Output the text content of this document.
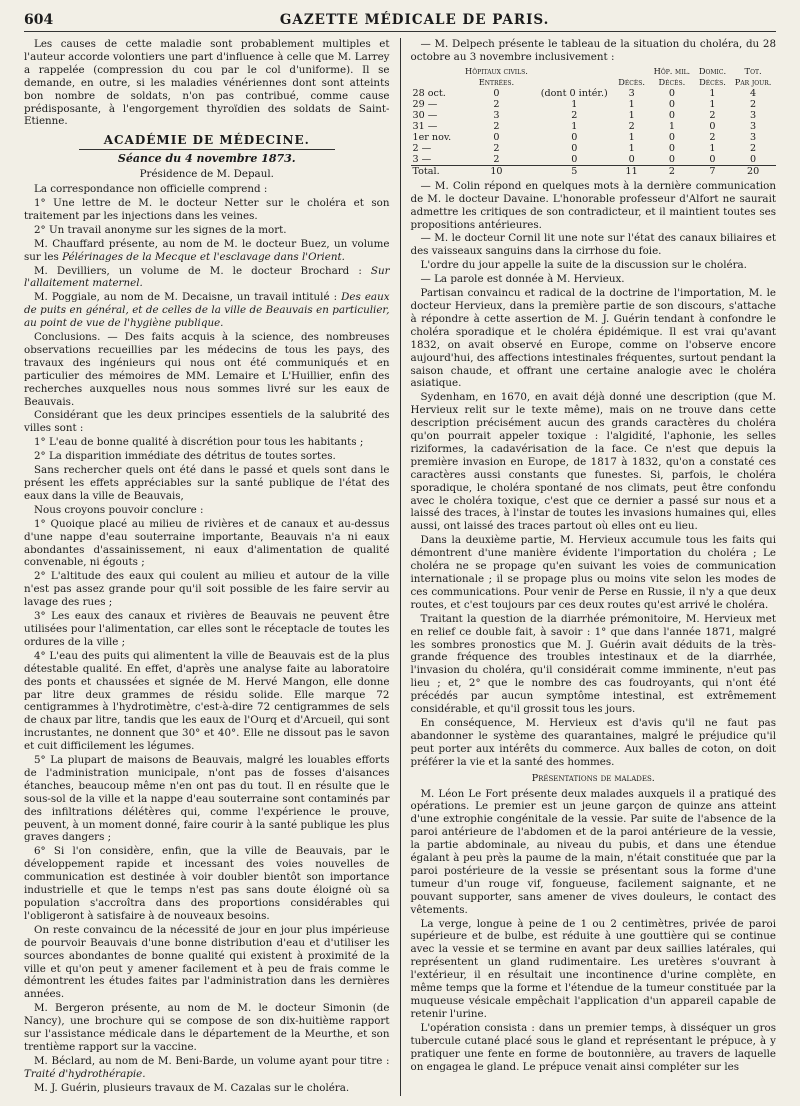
604	GAZETTE MÉDICALE DE PARIS.

Les causes de cette maladie sont probablement multiples et l'auteur accorde volontiers une part d'influence à celle que M. Larrey a rappelée (compression du cou par le col d'uniforme). Il se demande, en outre, si les maladies vénériennes dont sont atteints bon nombre de soldats, n'on pas contribué, comme cause prédisposante, à l'engorgement thyroïdien des soldats de Saint-Etienne.

ACADÉMIE DE MÉDECINE.
Séance du 4 novembre 1873.
Présidence de M. Depaul.

La correspondance non officielle comprend :

1° Une lettre de M. le docteur Netter sur le choléra et son traitement par les injections dans les veines.

2° Un travail anonyme sur les signes de la mort.

M. Chauffard présente, au nom de M. le docteur Buez, un volume sur les Pélérinages de la Mecque et l'esclavage dans l'Orient.

M. Devilliers, un volume de M. le docteur Brochard : Sur l'allaitement maternel.

M. Poggiale, au nom de M. Decaisne, un travail intitulé : Des eaux de puits en général, et de celles de la ville de Beauvais en particulier, au point de vue de l'hygiène publique.

Conclusions. — Des faits acquis à la science, des nombreuses observations recueillies par les médecins de tous les pays, des travaux des ingénieurs qui nous ont été communiqués et en particulier des mémoires de MM. Lemaire et L'Huillier, enfin des recherches auxquelles nous nous sommes livré sur les eaux de Beauvais.

Considérant que les deux principes essentiels de la salubrité des villes sont :

1° L'eau de bonne qualité à discrétion pour tous les habitants ;

2° La disparition immédiate des détritus de toutes sortes.

Sans rechercher quels ont été dans le passé et quels sont dans le présent les effets appréciables sur la santé publique de l'état des eaux dans la ville de Beauvais,

Nous croyons pouvoir conclure :

1° Quoique placé au milieu de rivières et de canaux et au-dessus d'une nappe d'eau souterraine importante, Beauvais n'a ni eaux abondantes d'assainissement, ni eaux d'alimentation de qualité convenable, ni égouts ;

2° L'altitude des eaux qui coulent au milieu et autour de la ville n'est pas assez grande pour qu'il soit possible de les faire servir au lavage des rues ;

3° Les eaux des canaux et rivières de Beauvais ne peuvent être utilisées pour l'alimentation, car elles sont le réceptacle de toutes les ordures de la ville ;

4° L'eau des puits qui alimentent la ville de Beauvais est de la plus détestable qualité. En effet, d'après une analyse faite au laboratoire des ponts et chaussées et signée de M. Hervé Mangon, elle donne par litre deux grammes de résidu solide. Elle marque 72 centigrammes à l'hydrotimètre, c'est-à-dire 72 centigrammes de sels de chaux par litre, tandis que les eaux de l'Ourq et d'Arcueil, qui sont incrustantes, ne donnent que 30° et 40°. Elle ne dissout pas le savon et cuit difficilement les légumes.

5° La plupart de maisons de Beauvais, malgré les louables efforts de l'administration municipale, n'ont pas de fosses d'aisances étanches, beaucoup même n'en ont pas du tout. Il en résulte que le sous-sol de la ville et la nappe d'eau souterraine sont contaminés par des infiltrations délétères qui, comme l'expérience le prouve, peuvent, à un moment donné, faire courir à la santé publique les plus graves dangers ;

6° Si l'on considère, enfin, que la ville de Beauvais, par le développement rapide et incessant des voies nouvelles de communication est destinée à voir doubler bientôt son importance industrielle et que le temps n'est pas sans doute éloigné où sa population s'accroîtra dans des proportions considérables qui l'obligeront à satisfaire à de nouveaux besoins.

On reste convaincu de la nécessité de jour en jour plus impérieuse de pourvoir Beauvais d'une bonne distribution d'eau et d'utiliser les sources abondantes de bonne qualité qui existent à proximité de la ville et qu'on peut y amener facilement et à peu de frais comme le démontrent les études faites par l'administration dans les dernières années.

M. Bergeron présente, au nom de M. le docteur Simonin (de Nancy), une brochure qui se compose de son dix-huitième rapport sur l'assistance médicale dans le département de la Meurthe, et son trentième rapport sur la vaccine.

M. Béclard, au nom de M. Beni-Barde, un volume ayant pour titre : Traité d'hydrothérapie.

M. J. Guérin, plusieurs travaux de M. Cazalas sur le choléra.

— M. Delpech présente le tableau de la situation du choléra, du 28 octobre au 3 novembre inclusivement :

	Hôpitaux civils.			Hôp. mil.	Domic.	Tot.
	Entrées.		Décès.	Décès.	Décès.	Par jour.
28 oct.	0	(dont 0 intér.)	3	0	1	4
29 —	2	1	1	0	1	2
30 —	3	2	1	0	2	3
31 —	2	1	2	1	0	3
1er nov.	0	0	1	0	2	3
2 —	2	0	1	0	1	2
3 —	2	0	0	0	0	0
Total.	10	5	11	2	7	20

— M. Colin répond en quelques mots à la dernière communication de M. le docteur Davaine. L'honorable professeur d'Alfort ne saurait admettre les critiques de son contradicteur, et il maintient toutes ses propositions antérieures.

— M. le docteur Cornil lit une note sur l'état des canaux biliaires et des vaisseaux sanguins dans la cirrhose du foie.

L'ordre du jour appelle la suite de la discussion sur le choléra.

— La parole est donnée à M. Hervieux.

Partisan convaincu et radical de la doctrine de l'importation, M. le docteur Hervieux, dans la première partie de son discours, s'attache à répondre à cette assertion de M. J. Guérin tendant à confondre le choléra sporadique et le choléra épidémique. Il est vrai qu'avant 1832, on avait observé en Europe, comme on l'observe encore aujourd'hui, des affections intestinales fréquentes, surtout pendant la saison chaude, et offrant une certaine analogie avec le choléra asiatique.

Sydenham, en 1670, en avait déjà donné une description (que M. Hervieux relit sur le texte même), mais on ne trouve dans cette description précisément aucun des grands caractères du choléra qu'on pourrait appeler toxique : l'algidité, l'aphonie, les selles riziformes, la cadavérisation de la face. Ce n'est que depuis la première invasion en Europe, de 1817 à 1832, qu'on a constaté ces caractères aussi constants que funestes. Si, parfois, le choléra sporadique, le choléra spontané de nos climats, peut être confondu avec le choléra toxique, c'est que ce dernier a passé sur nous et a laissé des traces, à l'instar de toutes les invasions humaines qui, elles aussi, ont laissé des traces partout où elles ont eu lieu.

Dans la deuxième partie, M. Hervieux accumule tous les faits qui démontrent d'une manière évidente l'importation du choléra ; Le choléra ne se propage qu'en suivant les voies de communication internationale ; il se propage plus ou moins vite selon les modes de ces communications. Pour venir de Perse en Russie, il n'y a que deux routes, et c'est toujours par ces deux routes qu'est arrivé le choléra.

Traitant la question de la diarrhée prémonitoire, M. Hervieux met en relief ce double fait, à savoir : 1° que dans l'année 1871, malgré les sombres pronostics que M. J. Guérin avait déduits de la très-grande fréquence des troubles intestinaux et de la diarrhée, l'invasion du choléra, qu'il considérait comme imminente, n'eut pas lieu ; et, 2° que le nombre des cas foudroyants, qui n'ont été précédés par aucun symptôme intestinal, est extrêmement considérable, et qu'il grossit tous les jours.

En conséquence, M. Hervieux est d'avis qu'il ne faut pas abandonner le système des quarantaines, malgré le préjudice qu'il peut porter aux intérêts du commerce. Aux balles de coton, on doit préférer la vie et la santé des hommes.

Présentations de malades.

M. Léon Le Fort présente deux malades auxquels il a pratiqué des opérations. Le premier est un jeune garçon de quinze ans atteint d'une extrophie congénitale de la vessie. Par suite de l'absence de la paroi antérieure de l'abdomen et de la paroi antérieure de la vessie, la partie abdominale, au niveau du pubis, et dans une étendue égalant à peu près la paume de la main, n'était constituée que par la paroi postérieure de la vessie se présentant sous la forme d'une tumeur d'un rouge vif, fongueuse, facilement saignante, et ne pouvant supporter, sans amener de vives douleurs, le contact des vêtements.

La verge, longue à peine de 1 ou 2 centimètres, privée de paroi supérieure et de bulbe, est réduite à une gouttière qui se continue avec la vessie et se termine en avant par deux saillies latérales, qui représentent un gland rudimentaire. Les uretères s'ouvrant à l'extérieur, il en résultait une incontinence d'urine complète, en même temps que la forme et l'étendue de la tumeur constituée par la muqueuse vésicale empêchait l'application d'un appareil capable de retenir l'urine.

L'opération consista : dans un premier temps, à disséquer un gros tubercule cutané placé sous le gland et représentant le prépuce, à y pratiquer une fente en forme de boutonnière, au travers de laquelle on engagea le gland. Le prépuce venait ainsi compléter sur les
